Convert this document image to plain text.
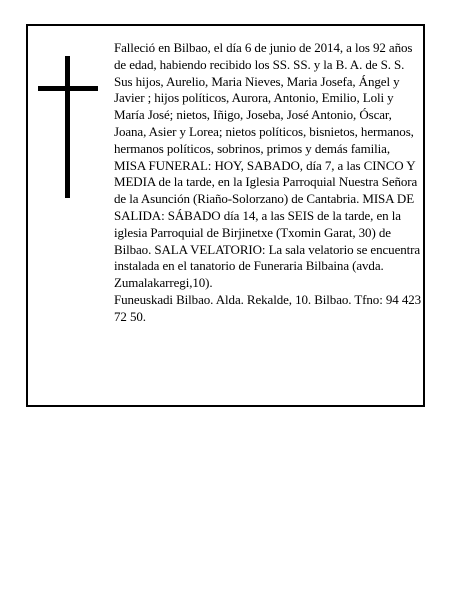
Falleció en Bilbao, el día 6 de junio de 2014, a los 92 años de edad, habiendo recibido los SS. SS. y la B. A. de S. S.

Sus hijos, Aurelio, Maria Nieves, Maria Josefa, Ángel y Javier ; hijos políticos, Aurora, Antonio, Emilio, Loli y María José; nietos, Iñigo, Joseba, José Antonio, Óscar, Joana, Asier y Lorea; nietos políticos, bisnietos, hermanos, hermanos políticos, sobrinos, primos y demás familia,

MISA FUNERAL: HOY, SABADO, día 7, a las CINCO Y MEDIA de la tarde, en la Iglesia Parroquial Nuestra Señora de la Asunción (Riaño-Solorzano) de Cantabria. MISA DE SALIDA: SÁBADO día 14, a las SEIS de la tarde, en la iglesia Parroquial de Birjinetxe (Txomin Garat, 30) de Bilbao. SALA VELATORIO: La sala velatorio se encuentra instalada en el tanatorio de Funeraria Bilbaina (avda. Zumalakarregi,10).

Funeuskadi Bilbao. Alda. Rekalde, 10. Bilbao. Tfno: 94 423 72 50.
